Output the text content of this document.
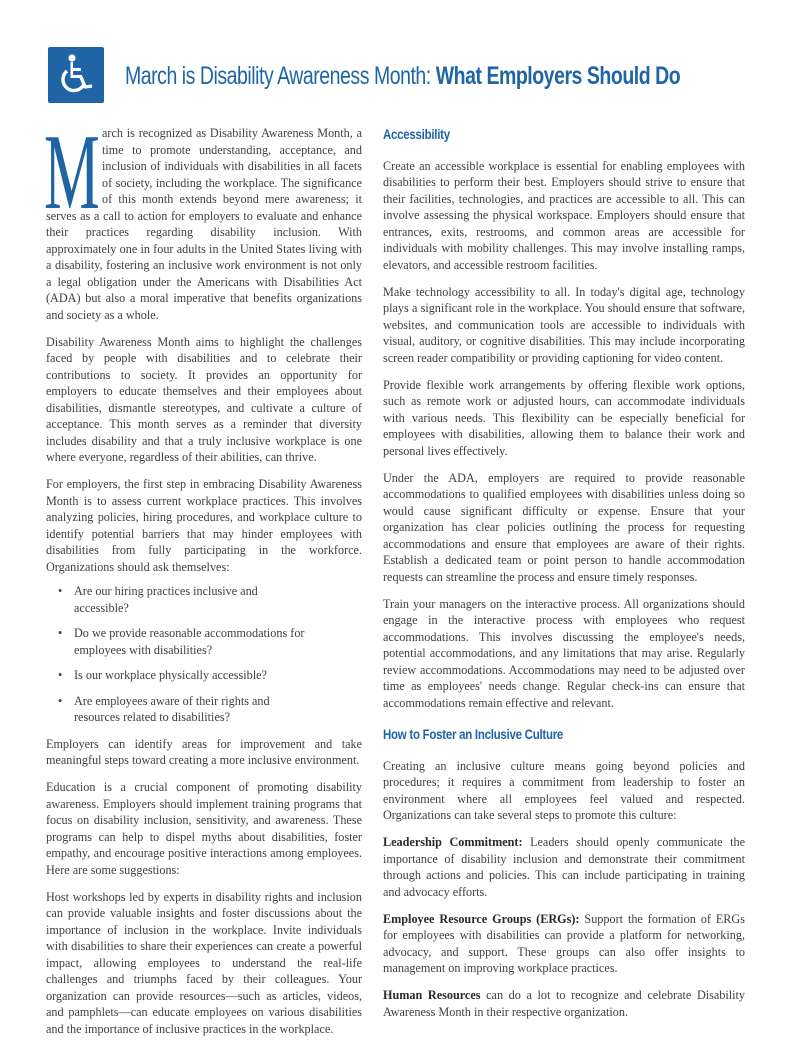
March is Disability Awareness Month: What Employers Should Do

M arch is recognized as Disability Awareness Month, a time to promote understanding, acceptance, and inclusion of individuals with disabilities in all facets of society, including the workplace. The significance of this month extends beyond mere awareness; it serves as a call to action for employers to evaluate and enhance their practices regarding disability inclusion. With approximately one in four adults in the United States living with a disability, fostering an inclusive work environment is not only a legal obligation under the Americans with Disabilities Act (ADA) but also a moral imperative that benefits organizations and society as a whole.

Disability Awareness Month aims to highlight the challenges faced by people with disabilities and to celebrate their contributions to society. It provides an opportunity for employers to educate themselves and their employees about disabilities, dismantle stereotypes, and cultivate a culture of acceptance. This month serves as a reminder that diversity includes disability and that a truly inclusive workplace is one where everyone, regardless of their abilities, can thrive.

For employers, the first step in embracing Disability Awareness Month is to assess current workplace practices. This involves analyzing policies, hiring procedures, and workplace culture to identify potential barriers that may hinder employees with disabilities from fully participating in the workforce. Organizations should ask themselves:

• Are our hiring practices inclusive and accessible?
• Do we provide reasonable accommodations for employees with disabilities?
• Is our workplace physically accessible?
• Are employees aware of their rights and resources related to disabilities?

Employers can identify areas for improvement and take meaningful steps toward creating a more inclusive environment.

Education is a crucial component of promoting disability awareness. Employers should implement training programs that focus on disability inclusion, sensitivity, and awareness. These programs can help to dispel myths about disabilities, foster empathy, and encourage positive interactions among employees. Here are some suggestions:

Host workshops led by experts in disability rights and inclusion can provide valuable insights and foster discussions about the importance of inclusion in the workplace. Invite individuals with disabilities to share their experiences can create a powerful impact, allowing employees to understand the real-life challenges and triumphs faced by their colleagues. Your organization can provide resources—such as articles, videos, and pamphlets—can educate employees on various disabilities and the importance of inclusive practices in the workplace.

Accessibility

Create an accessible workplace is essential for enabling employees with disabilities to perform their best. Employers should strive to ensure that their facilities, technologies, and practices are accessible to all. This can involve assessing the physical workspace. Employers should ensure that entrances, exits, restrooms, and common areas are accessible for individuals with mobility challenges. This may involve installing ramps, elevators, and accessible restroom facilities.

Make technology accessibility to all. In today's digital age, technology plays a significant role in the workplace. You should ensure that software, websites, and communication tools are accessible to individuals with visual, auditory, or cognitive disabilities. This may include incorporating screen reader compatibility or providing captioning for video content.

Provide flexible work arrangements by offering flexible work options, such as remote work or adjusted hours, can accommodate individuals with various needs. This flexibility can be especially beneficial for employees with disabilities, allowing them to balance their work and personal lives effectively.

Under the ADA, employers are required to provide reasonable accommodations to qualified employees with disabilities unless doing so would cause significant difficulty or expense. Ensure that your organization has clear policies outlining the process for requesting accommodations and ensure that employees are aware of their rights. Establish a dedicated team or point person to handle accommodation requests can streamline the process and ensure timely responses.

Train your managers on the interactive process. All organizations should engage in the interactive process with employees who request accommodations. This involves discussing the employee's needs, potential accommodations, and any limitations that may arise. Regularly review accommodations. Accommodations may need to be adjusted over time as employees' needs change. Regular check-ins can ensure that accommodations remain effective and relevant.

How to Foster an Inclusive Culture

Creating an inclusive culture means going beyond policies and procedures; it requires a commitment from leadership to foster an environment where all employees feel valued and respected. Organizations can take several steps to promote this culture:

Leadership Commitment: Leaders should openly communicate the importance of disability inclusion and demonstrate their commitment through actions and policies. This can include participating in training and advocacy efforts.

Employee Resource Groups (ERGs): Support the formation of ERGs for employees with disabilities can provide a platform for networking, advocacy, and support. These groups can also offer insights to management on improving workplace practices.

Human Resources can do a lot to recognize and celebrate Disability Awareness Month in their respective organization.
